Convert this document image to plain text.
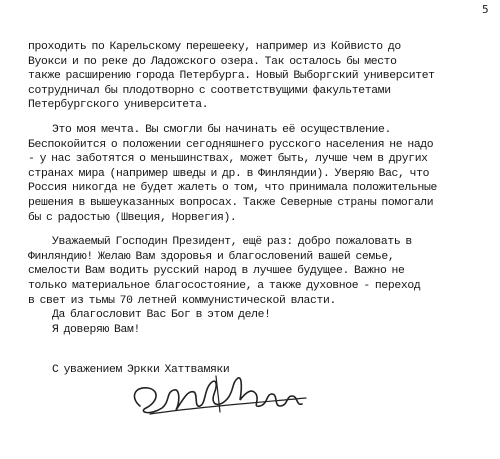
5
проходить по Карельскому перешееку, например из Койвисто до
Вуокси и по реке до Ладожского озера. Так осталось бы место
также расширению города Петербурга. Новый Выборгский университет
сотрудничал бы плодотворно с соответствущими факультетами
Петербургского университета.
Это моя мечта. Вы смогли бы начинать её осуществление.
Беспокойится о положении сегодняшнего русского населения не надо
- у нас заботятся о меньшинствах, может быть, лучше чем в других
странах мира (например шведы и др. в Финляндии). Уверяю Вас, что
Россия никогда не будет жалеть о том, что принимала положительные
решения в вышеуказанных вопросах. Также Северные страны помогали
бы с радостью (Швеция, Норвегия).
Уважаемый Господин Президент, ещё раз: добро пожаловать в
Финляндию! Желаю Вам здоровья и благословений вашей семье,
смелости Вам водить русский народ в лучшее будущее. Важно не
только материальное благосостояние, а также духовное - переход
в свет из тьмы 70 летней коммунистической власти.
Да благословит Вас Бог в этом деле!
Я доверяю Вам!
С уважением Эркки Хаттвамяки
